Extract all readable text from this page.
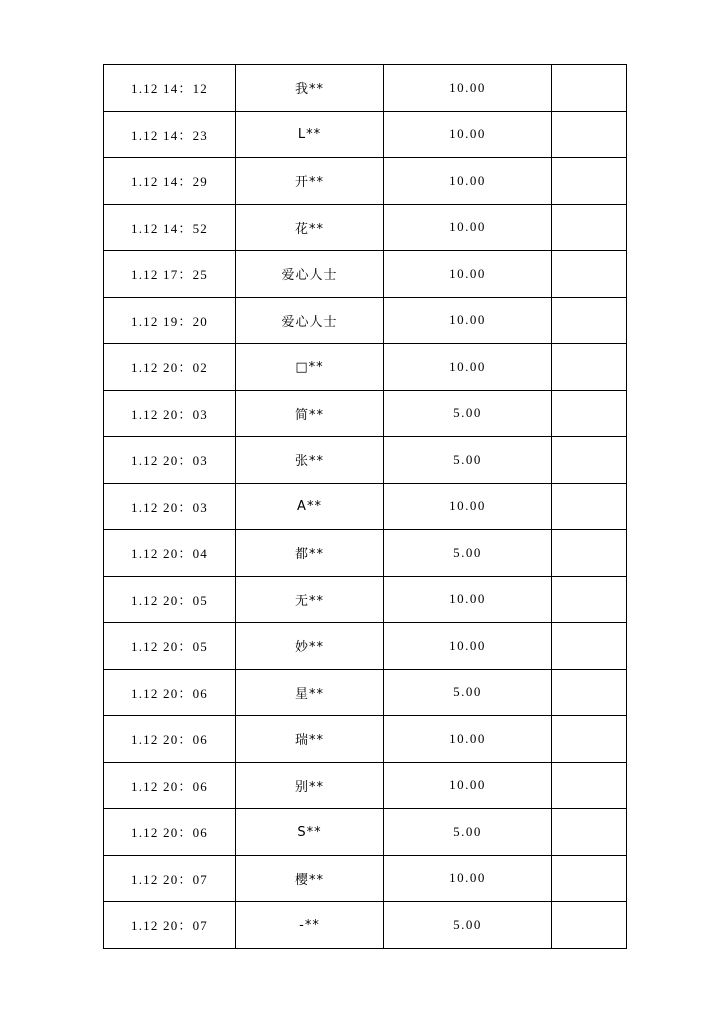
1.12 14：12	我**	10.00	
1.12 14：23	L**	10.00	
1.12 14：29	开**	10.00	
1.12 14：52	花**	10.00	
1.12 17：25	爱心人士	10.00	
1.12 19：20	爱心人士	10.00	
1.12 20：02	□**	10.00	
1.12 20：03	简**	5.00	
1.12 20：03	张**	5.00	
1.12 20：03	A**	10.00	
1.12 20：04	都**	5.00	
1.12 20：05	无**	10.00	
1.12 20：05	妙**	10.00	
1.12 20：06	星**	5.00	
1.12 20：06	瑞**	10.00	
1.12 20：06	别**	10.00	
1.12 20：06	S**	5.00	
1.12 20：07	樱**	10.00	
1.12 20：07	-**	5.00	
